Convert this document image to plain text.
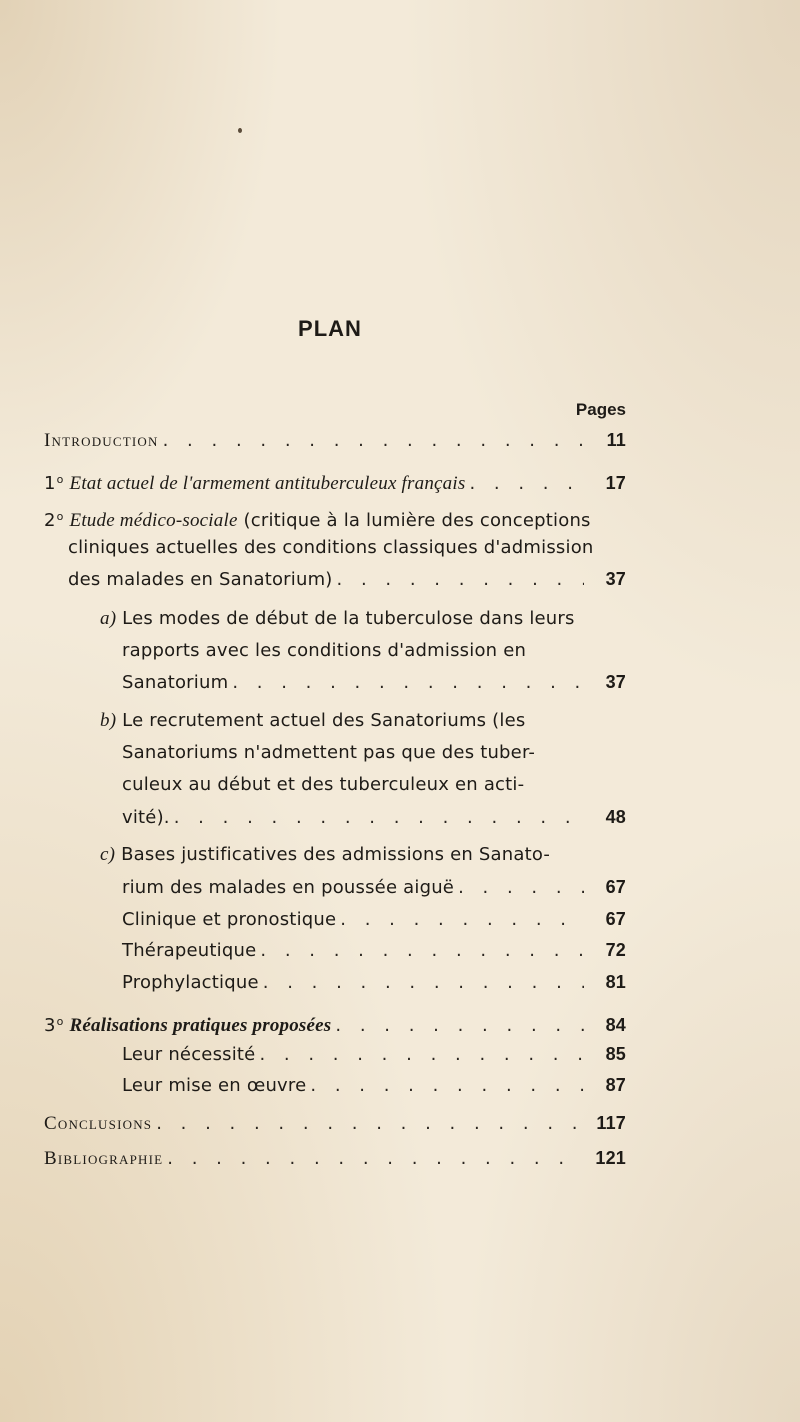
PLAN
Pages
Introduction . . .	11
1$^o$ Etat actuel de l'armement antituberculeux français . . .	17
2$^o$ Etude médico-sociale (critique à la lumière des conceptions
cliniques actuelles des conditions classiques d'admission
des malades en Sanatorium) . . .	37
a) Les modes de début de la tuberculose dans leurs
rapports avec les conditions d'admission en
Sanatorium . . .	37
b) Le recrutement actuel des Sanatoriums (les
Sanatoriums n'admettent pas que des tuber-
culeux au début et des tuberculeux en acti-
vité). . . .	48
c) Bases justificatives des admissions en Sanato-
rium des malades en poussée aiguë . . .	67
Clinique et pronostique . . .	67
Thérapeutique . . .	72
Prophylactique . . .	81
3$^o$ Réalisations pratiques proposées . . .	84
Leur nécessité . . .	85
Leur mise en œuvre . . .	87
Conclusions . . .	117
Bibliographie . . .	121
